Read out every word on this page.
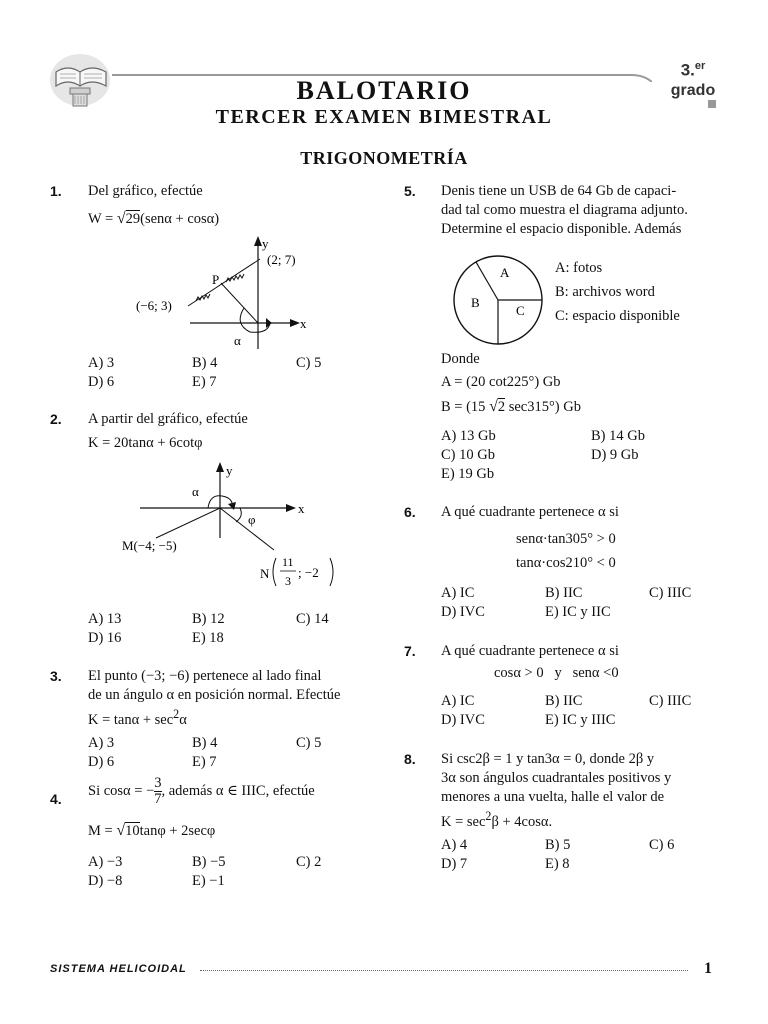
3.$^{er}$
grado
BALOTARIO
TERCER EXAMEN BIMESTRAL
TRIGONOMETRÍA
1. Del gráfico, efectúe
W = √29(senα + cosα)
y
x
(2; 7)
P
(−6; 3)
α
A) 3	B) 4	C) 5
D) 6	E) 7
2. A partir del gráfico, efectúe
K = 20tanα + 6cotφ
y
x
α
φ
M(−4; −5)
N
11
3
; −2
A) 13	B) 12	C) 14
D) 16	E) 18
3. El punto (−3; −6) pertenece al lado final
de un ángulo α en posición normal. Efectúe
$K = \tan\alpha + \sec^2\alpha$
A) 3	B) 4	C) 5
D) 6	E) 7
4.
Si cosα = − $\frac{3}{7}$ , además α ∈ IIIC, efectúe
M = √10tanφ + 2secφ
A) −3	B) −5	C) 2
D) −8	E) −1
5. Denis tiene un USB de 64 Gb de capaci-
dad tal como muestra el diagrama adjunto.
Determine el espacio disponible. Además
A
B
C
A: fotos
B: archivos word
C: espacio disponible
Donde
A = (20 cot225°) Gb
B = (15 √2 sec315°) Gb
A) 13 Gb	B) 14 Gb
C) 10 Gb	D) 9 Gb
E) 19 Gb
6. A qué cuadrante pertenece α si
senα·tan305° > 0
tanα·cos210° < 0
A) IC	B) IIC	C) IIIC
D) IVC	E) IC y IIC
7. A qué cuadrante pertenece α si
cosα > 0   y   senα <0
A) IC	B) IIC	C) IIIC
D) IVC	E) IC y IIIC
8. Si csc2β = 1 y tan3α = 0, donde 2β y
3α son ángulos cuadrantales positivos y
menores a una vuelta, halle el valor de
$K = \sec^2\beta + 4\cos\alpha$.
A) 4	B) 5	C) 6
D) 7	E) 8
SISTEMA HELICOIDAL	1
